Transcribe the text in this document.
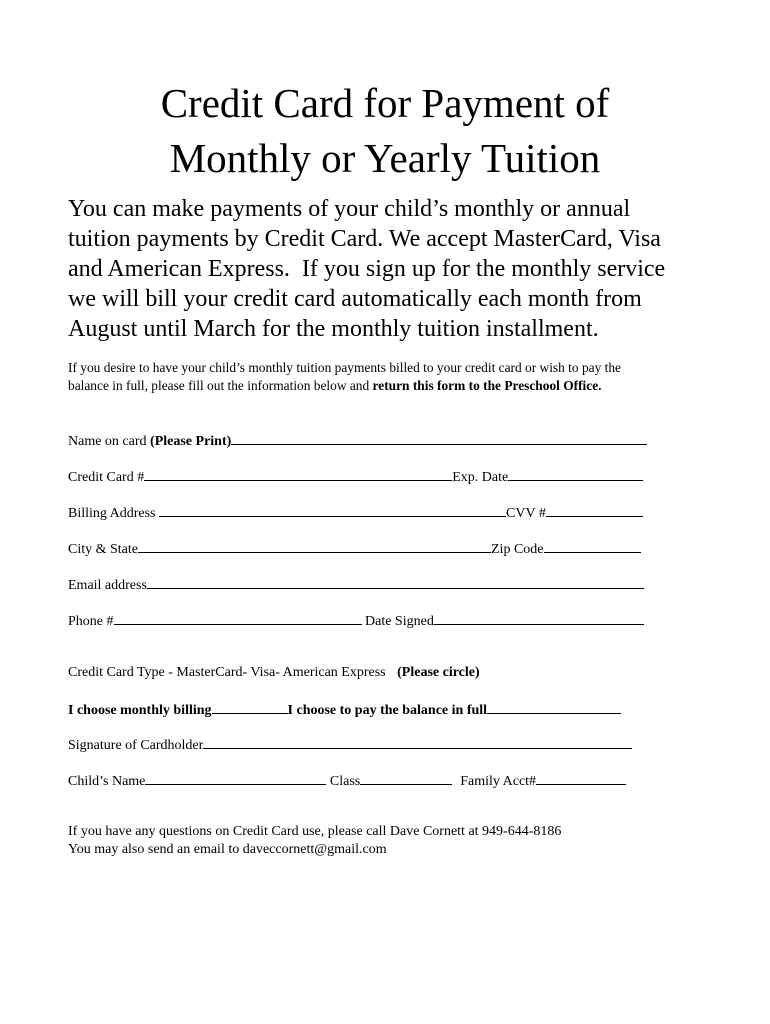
Credit Card for Payment of
Monthly or Yearly Tuition

You can make payments of your child’s monthly or annual
tuition payments by Credit Card. We accept MasterCard, Visa
and American Express.  If you sign up for the monthly service
we will bill your credit card automatically each month from
August until March for the monthly tuition installment.

If you desire to have your child’s monthly tuition payments billed to your credit card or wish to pay the
balance in full, please fill out the information below and return this form to the Preschool Office.

Name on card (Please Print)
Credit Card #	Exp. Date
Billing Address	CVV #
City & State	Zip Code
Email address
Phone #	Date Signed
Credit Card Type - MasterCard- Visa- American Express (Please circle)
I choose monthly billing	I choose to pay the balance in full
Signature of Cardholder
Child’s Name	Class	Family Acct#
If you have any questions on Credit Card use, please call Dave Cornett at 949-644-8186
You may also send an email to daveccornett@gmail.com
